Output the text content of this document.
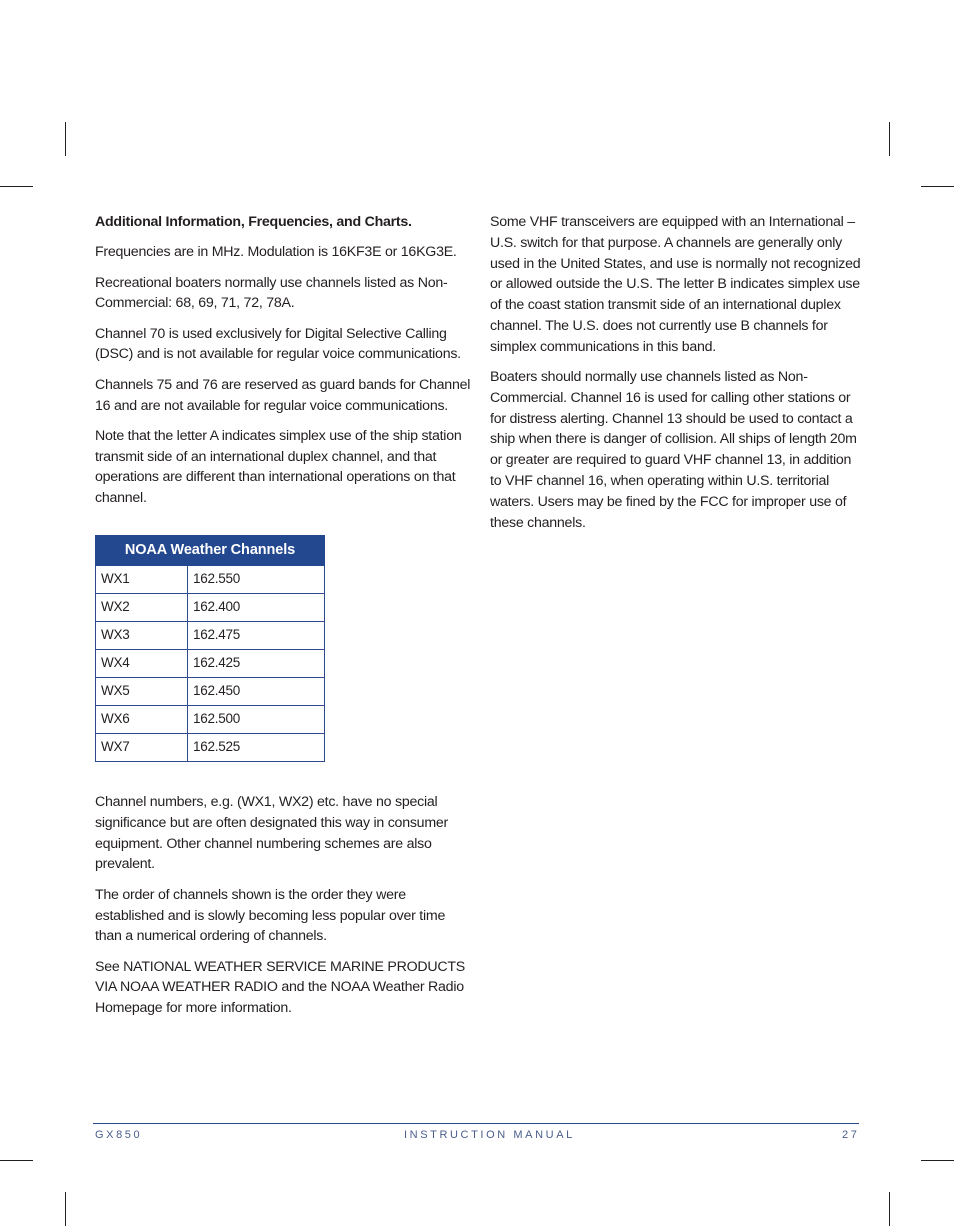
Additional Information, Frequencies, and Charts.

Frequencies are in MHz. Modulation is 16KF3E or 16KG3E.

Recreational boaters normally use channels listed as Non-Commercial: 68, 69, 71, 72, 78A.

Channel 70 is used exclusively for Digital Selective Calling (DSC) and is not available for regular voice communications.

Channels 75 and 76 are reserved as guard bands for Channel 16 and are not available for regular voice communications.

Note that the letter A indicates simplex use of the ship station transmit side of an international duplex channel, and that operations are different than international operations on that channel.

NOAA Weather Channels	
WX1	162.550
WX2	162.400
WX3	162.475
WX4	162.425
WX5	162.450
WX6	162.500
WX7	162.525

Channel numbers, e.g. (WX1, WX2) etc. have no special significance but are often designated this way in consumer equipment. Other channel numbering schemes are also prevalent.

The order of channels shown is the order they were established and is slowly becoming less popular over time than a numerical ordering of channels.

See NATIONAL WEATHER SERVICE MARINE PRODUCTS VIA NOAA WEATHER RADIO and the NOAA Weather Radio Homepage for more information.

Some VHF transceivers are equipped with an International – U.S. switch for that purpose. A channels are generally only used in the United States, and use is normally not recognized or allowed outside the U.S. The letter B indicates simplex use of the coast station transmit side of an international duplex channel. The U.S. does not currently use B channels for simplex communications in this band.

Boaters should normally use channels listed as Non-Commercial. Channel 16 is used for calling other stations or for distress alerting. Channel 13 should be used to contact a ship when there is danger of collision. All ships of length 20m or greater are required to guard VHF channel 13, in addition to VHF channel 16, when operating within U.S. territorial waters. Users may be fined by the FCC for improper use of these channels.

GX850	INSTRUCTION MANUAL	27
